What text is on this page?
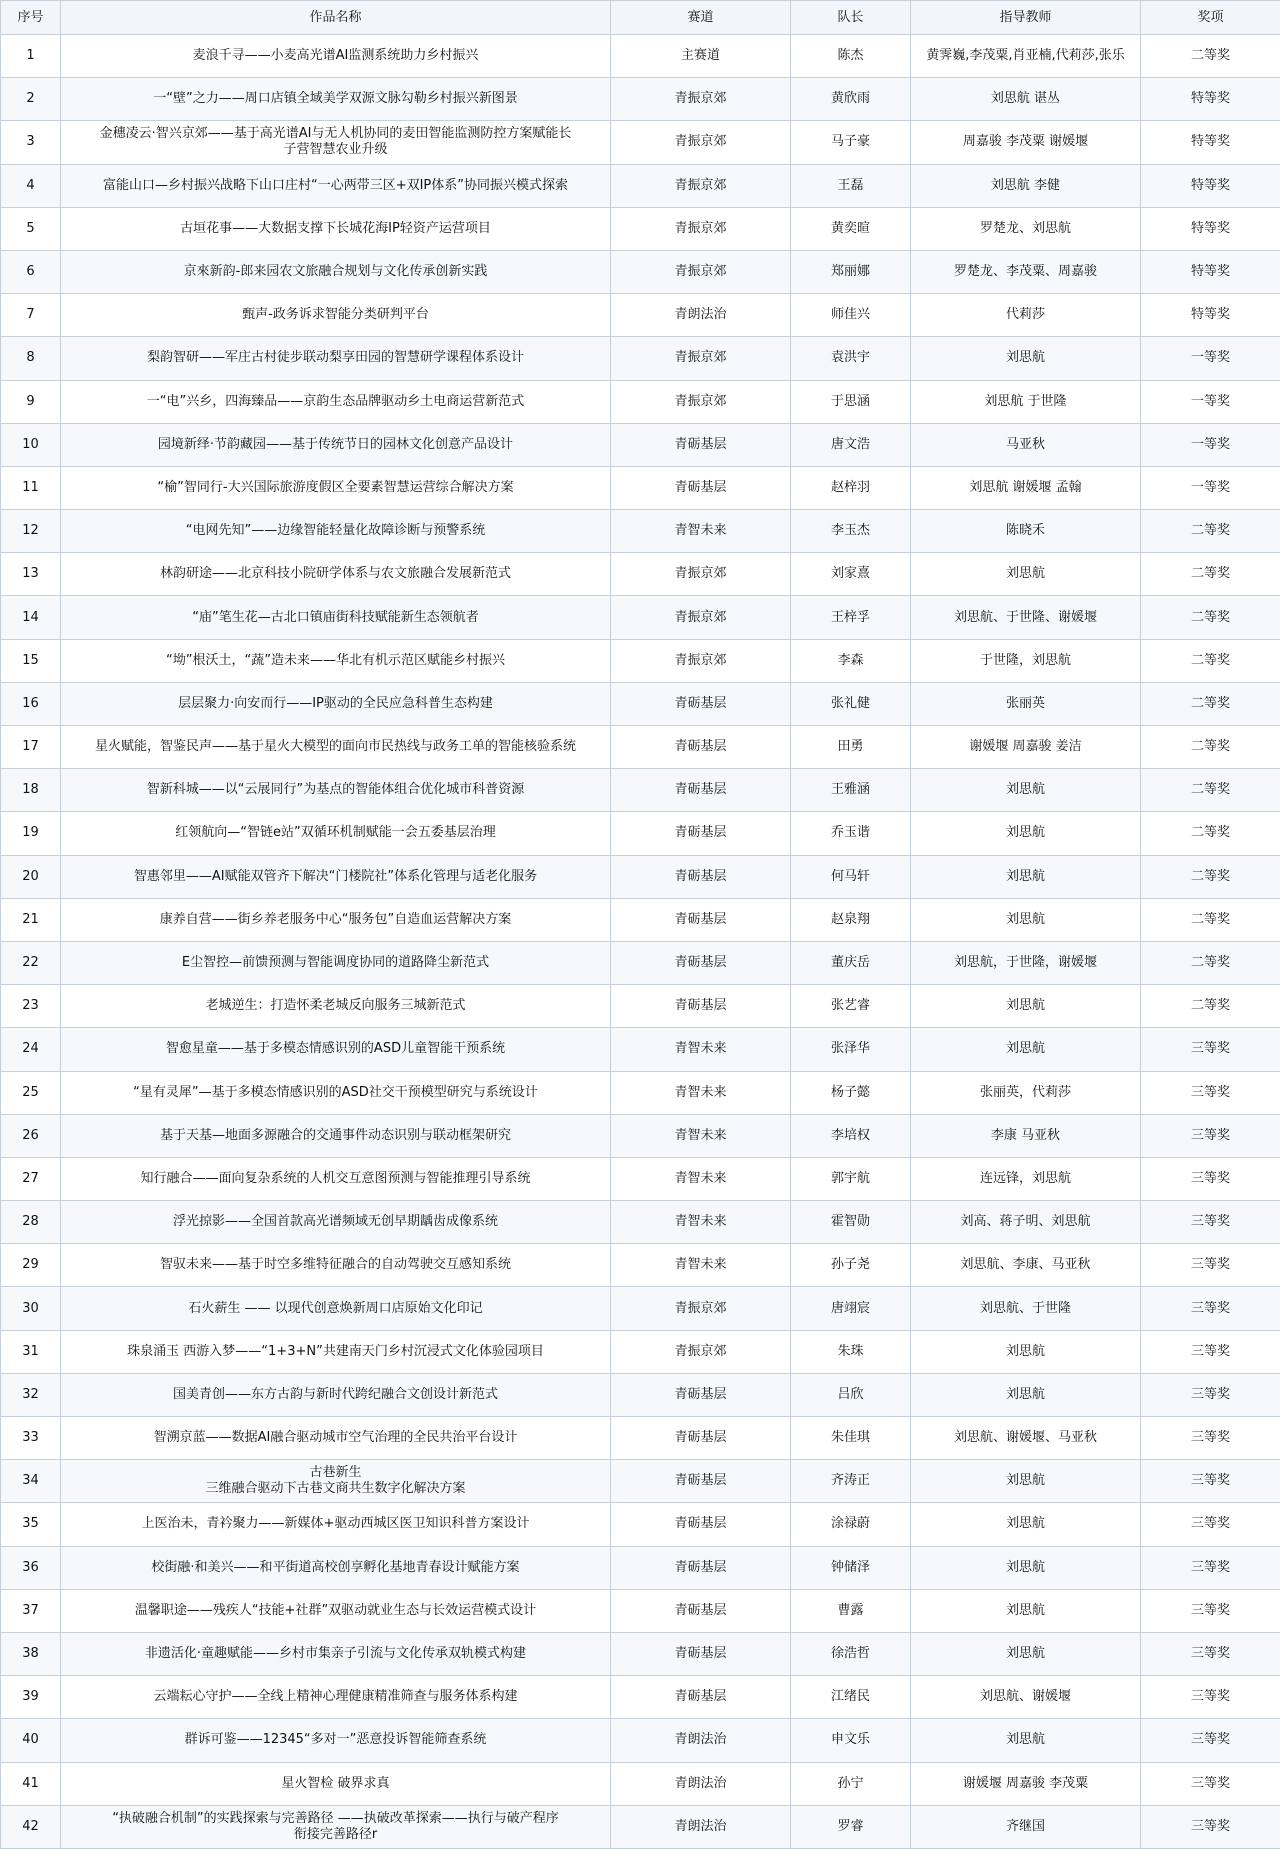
序号	作品名称	赛道	队长	指导教师	奖项
1	麦浪千寻——小麦高光谱AI监测系统助力乡村振兴	主赛道	陈杰	黄霁巍,李茂粟,肖亚楠,代莉莎,张乐	二等奖
2	一“壁”之力——周口店镇全域美学双源文脉勾勒乡村振兴新图景	青振京郊	黄欣雨	刘思航 谌丛	特等奖
3	金穗凌云·智兴京郊——基于高光谱AI与无人机协同的麦田智能监测防控方案赋能长
子营智慧农业升级	青振京郊	马子豪	周嘉骏 李茂粟 谢媛堰	特等奖
4	富能山口—乡村振兴战略下山口庄村“一心两带三区+双IP体系”协同振兴模式探索	青振京郊	王磊	刘思航 李健	特等奖
5	古垣花事——大数据支撑下长城花海IP轻资产运营项目	青振京郊	黄奕暄	罗楚龙、刘思航	特等奖
6	京來新韵-郎来园农文旅融合规划与文化传承创新实践	青振京郊	郑丽娜	罗楚龙、李茂粟、周嘉骏	特等奖
7	甄声-政务诉求智能分类研判平台	青朗法治	师佳兴	代莉莎	特等奖
8	梨韵智研——军庄古村徒步联动梨享田园的智慧研学课程体系设计	青振京郊	袁洪宇	刘思航	一等奖
9	一“电”兴乡，四海臻品——京韵生态品牌驱动乡土电商运营新范式	青振京郊	于思涵	刘思航 于世隆	一等奖
10	园境新绎·节韵藏园——基于传统节日的园林文化创意产品设计	青砺基层	唐文浩	马亚秋	一等奖
11	“榆”智同行-大兴国际旅游度假区全要素智慧运营综合解决方案	青砺基层	赵梓羽	刘思航 谢媛堰 孟翰	一等奖
12	“电网先知”——边缘智能轻量化故障诊断与预警系统	青智未来	李玉杰	陈晓禾	二等奖
13	林韵研途——北京科技小院研学体系与农文旅融合发展新范式	青振京郊	刘家熹	刘思航	二等奖
14	“庙”笔生花—古北口镇庙街科技赋能新生态领航者	青振京郊	王梓孚	刘思航、于世隆、谢媛堰	二等奖
15	“坳”根沃土，“蔬”造未来——华北有机示范区赋能乡村振兴	青振京郊	李森	于世隆，刘思航	二等奖
16	层层聚力·向安而行——IP驱动的全民应急科普生态构建	青砺基层	张礼健	张丽英	二等奖
17	星火赋能，智鉴民声——基于星火大模型的面向市民热线与政务工单的智能核验系统	青砺基层	田勇	谢媛堰 周嘉骏 姜洁	二等奖
18	智新科城——以“云展同行”为基点的智能体组合优化城市科普资源	青砺基层	王雅涵	刘思航	二等奖
19	红领航向—“智链e站”双循环机制赋能一会五委基层治理	青砺基层	乔玉谐	刘思航	二等奖
20	智惠邻里——AI赋能双管齐下解决“门楼院社”体系化管理与适老化服务	青砺基层	何马轩	刘思航	二等奖
21	康养自营——街乡养老服务中心“服务包”自造血运营解决方案	青砺基层	赵泉翔	刘思航	二等奖
22	E尘智控—前馈预测与智能调度协同的道路降尘新范式	青砺基层	董庆岳	刘思航，于世隆，谢媛堰	二等奖
23	老城逆生：打造怀柔老城反向服务三城新范式	青砺基层	张艺睿	刘思航	二等奖
24	智愈星童——基于多模态情感识别的ASD儿童智能干预系统	青智未来	张泽华	刘思航	三等奖
25	“星有灵犀”—基于多模态情感识别的ASD社交干预模型研究与系统设计	青智未来	杨子懿	张丽英，代莉莎	三等奖
26	基于天基—地面多源融合的交通事件动态识别与联动框架研究	青智未来	李培权	李康 马亚秋	三等奖
27	知行融合——面向复杂系统的人机交互意图预测与智能推理引导系统	青智未来	郭宇航	连远锋，刘思航	三等奖
28	浮光掠影——全国首款高光谱频域无创早期龋齿成像系统	青智未来	霍智勋	刘高、蒋子明、刘思航	三等奖
29	智驭未来——基于时空多维特征融合的自动驾驶交互感知系统	青智未来	孙子尧	刘思航、李康、马亚秋	三等奖
30	石火薪生 —— 以现代创意焕新周口店原始文化印记	青振京郊	唐翊宸	刘思航、于世隆	三等奖
31	珠泉涌玉 西游入梦——“1+3+N”共建南天门乡村沉浸式文化体验园项目	青振京郊	朱珠	刘思航	三等奖
32	国美青创——东方古韵与新时代跨纪融合文创设计新范式	青砺基层	吕欣	刘思航	三等奖
33	智溯京蓝——数据AI融合驱动城市空气治理的全民共治平台设计	青砺基层	朱佳琪	刘思航、谢媛堰、马亚秋	三等奖
34	古巷新生
三维融合驱动下古巷文商共生数字化解决方案	青砺基层	齐涛正	刘思航	三等奖
35	上医治未，青衿聚力——新媒体+驱动西城区医卫知识科普方案设计	青砺基层	涂禄蔚	刘思航	三等奖
36	校街融·和美兴——和平街道高校创享孵化基地青春设计赋能方案	青砺基层	钟储泽	刘思航	三等奖
37	温馨职途——残疾人“技能+社群”双驱动就业生态与长效运营模式设计	青砺基层	曹露	刘思航	三等奖
38	非遗活化·童趣赋能——乡村市集亲子引流与文化传承双轨模式构建	青砺基层	徐浩哲	刘思航	三等奖
39	云端耘心守护——全线上精神心理健康精准筛查与服务体系构建	青砺基层	江绪民	刘思航、谢媛堰	三等奖
40	群诉可鉴——12345“多对一”恶意投诉智能筛查系统	青朗法治	申文乐	刘思航	三等奖
41	星火智检 破界求真	青朗法治	孙宁	谢媛堰 周嘉骏 李茂粟	三等奖
42	“执破融合机制”的实践探索与完善路径 ——执破改革探索——执行与破产程序
衔接完善路径r	青朗法治	罗睿	齐继国	三等奖
